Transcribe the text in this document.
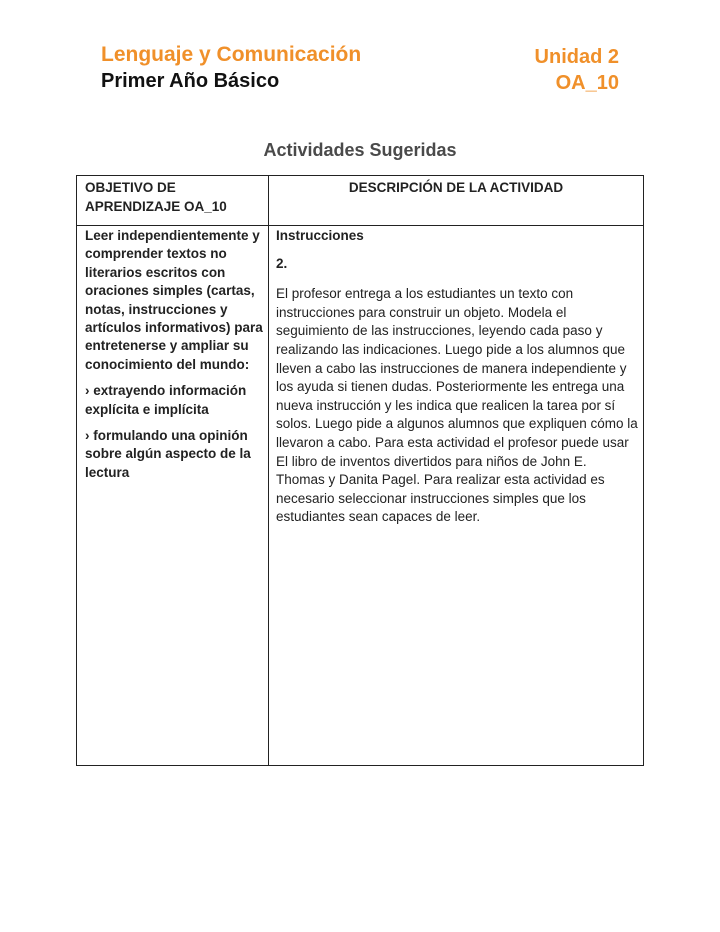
Lenguaje y Comunicación
Primer Año Básico
Unidad 2
OA_10
Actividades Sugeridas
OBJETIVO DE APRENDIZAJE OA_10
DESCRIPCIÓN DE LA ACTIVIDAD

Leer independientemente y comprender textos no literarios escritos con oraciones simples (cartas, notas, instrucciones y artículos informativos) para entretenerse y ampliar su conocimiento del mundo:

› extrayendo información explícita e implícita

› formulando una opinión sobre algún aspecto de la lectura

Instrucciones

2.

El profesor entrega a los estudiantes un texto con instrucciones para construir un objeto. Modela el seguimiento de las instrucciones, leyendo cada paso y realizando las indicaciones. Luego pide a los alumnos que lleven a cabo las instrucciones de manera independiente y los ayuda si tienen dudas. Posteriormente les entrega una nueva instrucción y les indica que realicen la tarea por sí solos. Luego pide a algunos alumnos que expliquen cómo la llevaron a cabo. Para esta actividad el profesor puede usar El libro de inventos divertidos para niños de John E. Thomas y Danita Pagel. Para realizar esta actividad es necesario seleccionar instrucciones simples que los estudiantes sean capaces de leer.
